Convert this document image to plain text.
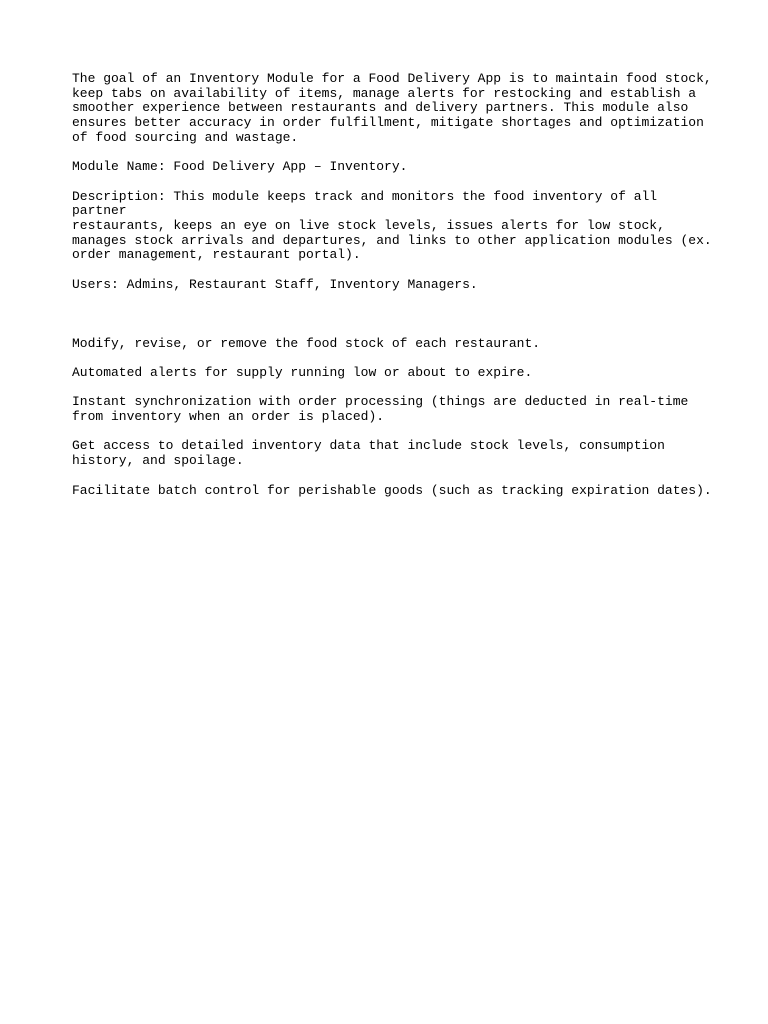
The goal of an Inventory Module for a Food Delivery App is to maintain food stock,
keep tabs on availability of items, manage alerts for restocking and establish a
smoother experience between restaurants and delivery partners. This module also
ensures better accuracy in order fulfillment, mitigate shortages and optimization
of food sourcing and wastage.

Module Name: Food Delivery App – Inventory.

Description: This module keeps track and monitors the food inventory of all partner
restaurants, keeps an eye on live stock levels, issues alerts for low stock,
manages stock arrivals and departures, and links to other application modules (ex.
order management, restaurant portal).

Users: Admins, Restaurant Staff, Inventory Managers.

Modify, revise, or remove the food stock of each restaurant.

Automated alerts for supply running low or about to expire.

Instant synchronization with order processing (things are deducted in real-time
from inventory when an order is placed).

Get access to detailed inventory data that include stock levels, consumption
history, and spoilage.

Facilitate batch control for perishable goods (such as tracking expiration dates).
